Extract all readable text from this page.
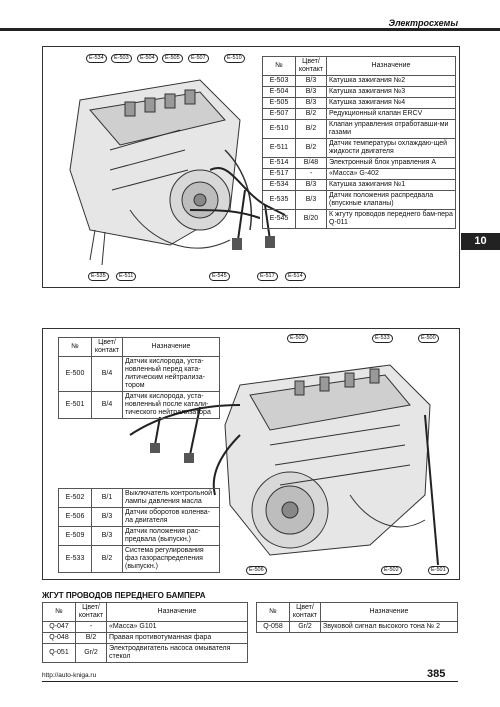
Электросхемы
10
E-534	E-503	E-504	E-505	E-507	E-510
E-535	E-511	E-545	E-517	E-514
№	Цвет/
контакт	Назначение
E-503	B/3	Катушка зажигания №2
E-504	B/3	Катушка зажигания №3
E-505	B/3	Катушка зажигания №4
E-507	B/2	Редукционный клапан ERCV
E-510	B/2	Клапан управления отработавши-ми газами
E-511	B/2	Датчик температуры охлаждаю-щей жидкости двигателя
E-514	B/48	Электронный блок управления А
E-517	-	«Масса» G-402
E-534	B/3	Катушка зажигания №1
E-535	B/3	Датчик положения распредвала (впускные клапаны)
E-545	B/20	К жгуту проводов переднего бам-пера Q-011
E-509	E-533	E-500
E-506	E-502	E-501
№	Цвет/
контакт	Назначение
E-500	B/4	Датчик кислорода, уста-новленный перед ката-литическим нейтрализа-тором
E-501	B/4	Датчик кислорода, уста-новленный после катали-тического нейтрализатора
E-502	B/1	Выключатель контрольной лампы давления масла
E-506	B/3	Датчик оборотов коленва-ла двигателя
E-509	B/3	Датчик положения рас-предвала (выпускн.)
E-533	B/2	Система регулирования фаз газораспределения (выпускн.)
ЖГУТ ПРОВОДОВ ПЕРЕДНЕГО БАМПЕРА
№	Цвет/
контакт	Назначение
Q-047	-	«Масса» G101
Q-048	B/2	Правая противотуманная фара
Q-051	Gr/2	Электродвигатель насоса омывателя стекол
№	Цвет/
контакт	Назначение
Q-058	Gr/2	Звуковой сигнал высокого тона № 2
http://auto-kniga.ru	385
